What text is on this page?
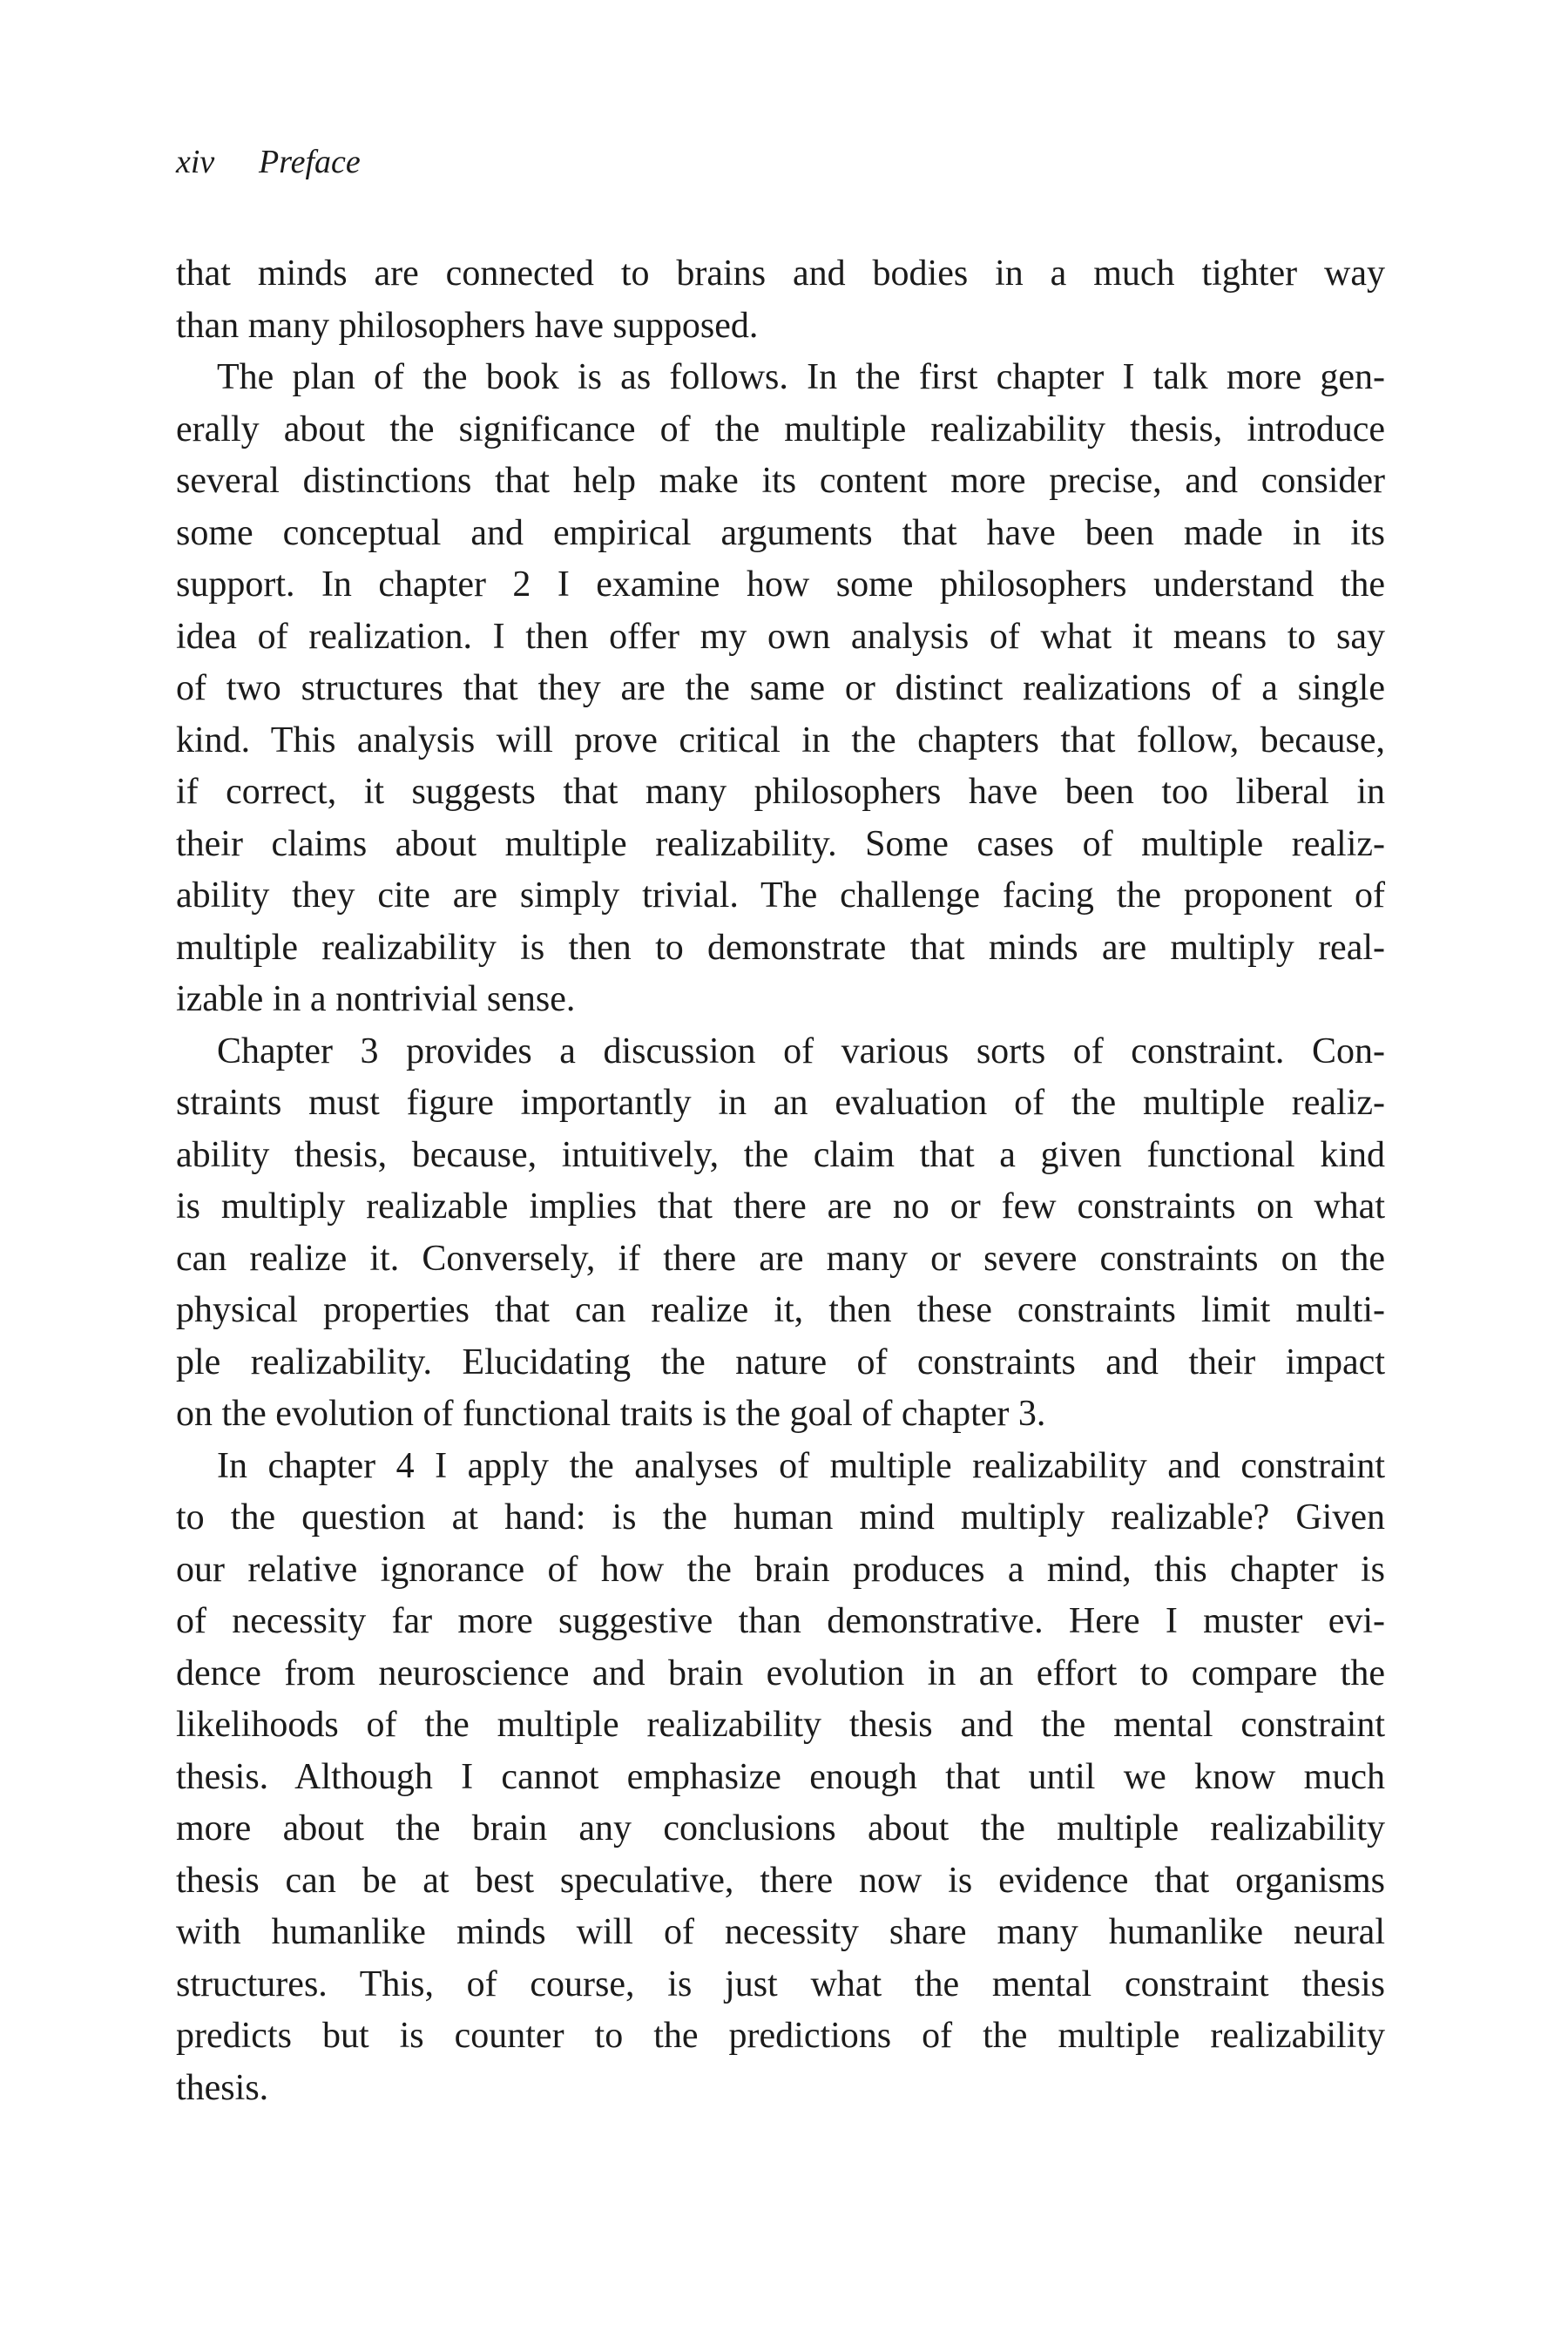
xiv Preface
that minds are connected to brains and bodies in a much tighter way
than many philosophers have supposed.
The plan of the book is as follows. In the first chapter I talk more gen-
erally about the significance of the multiple realizability thesis, introduce
several distinctions that help make its content more precise, and consider
some conceptual and empirical arguments that have been made in its
support. In chapter 2 I examine how some philosophers understand the
idea of realization. I then offer my own analysis of what it means to say
of two structures that they are the same or distinct realizations of a single
kind. This analysis will prove critical in the chapters that follow, because,
if correct, it suggests that many philosophers have been too liberal in
their claims about multiple realizability. Some cases of multiple realiz-
ability they cite are simply trivial. The challenge facing the proponent of
multiple realizability is then to demonstrate that minds are multiply real-
izable in a nontrivial sense.
Chapter 3 provides a discussion of various sorts of constraint. Con-
straints must figure importantly in an evaluation of the multiple realiz-
ability thesis, because, intuitively, the claim that a given functional kind
is multiply realizable implies that there are no or few constraints on what
can realize it. Conversely, if there are many or severe constraints on the
physical properties that can realize it, then these constraints limit multi-
ple realizability. Elucidating the nature of constraints and their impact
on the evolution of functional traits is the goal of chapter 3.
In chapter 4 I apply the analyses of multiple realizability and constraint
to the question at hand: is the human mind multiply realizable? Given
our relative ignorance of how the brain produces a mind, this chapter is
of necessity far more suggestive than demonstrative. Here I muster evi-
dence from neuroscience and brain evolution in an effort to compare the
likelihoods of the multiple realizability thesis and the mental constraint
thesis. Although I cannot emphasize enough that until we know much
more about the brain any conclusions about the multiple realizability
thesis can be at best speculative, there now is evidence that organisms
with humanlike minds will of necessity share many humanlike neural
structures. This, of course, is just what the mental constraint thesis
predicts but is counter to the predictions of the multiple realizability
thesis.
